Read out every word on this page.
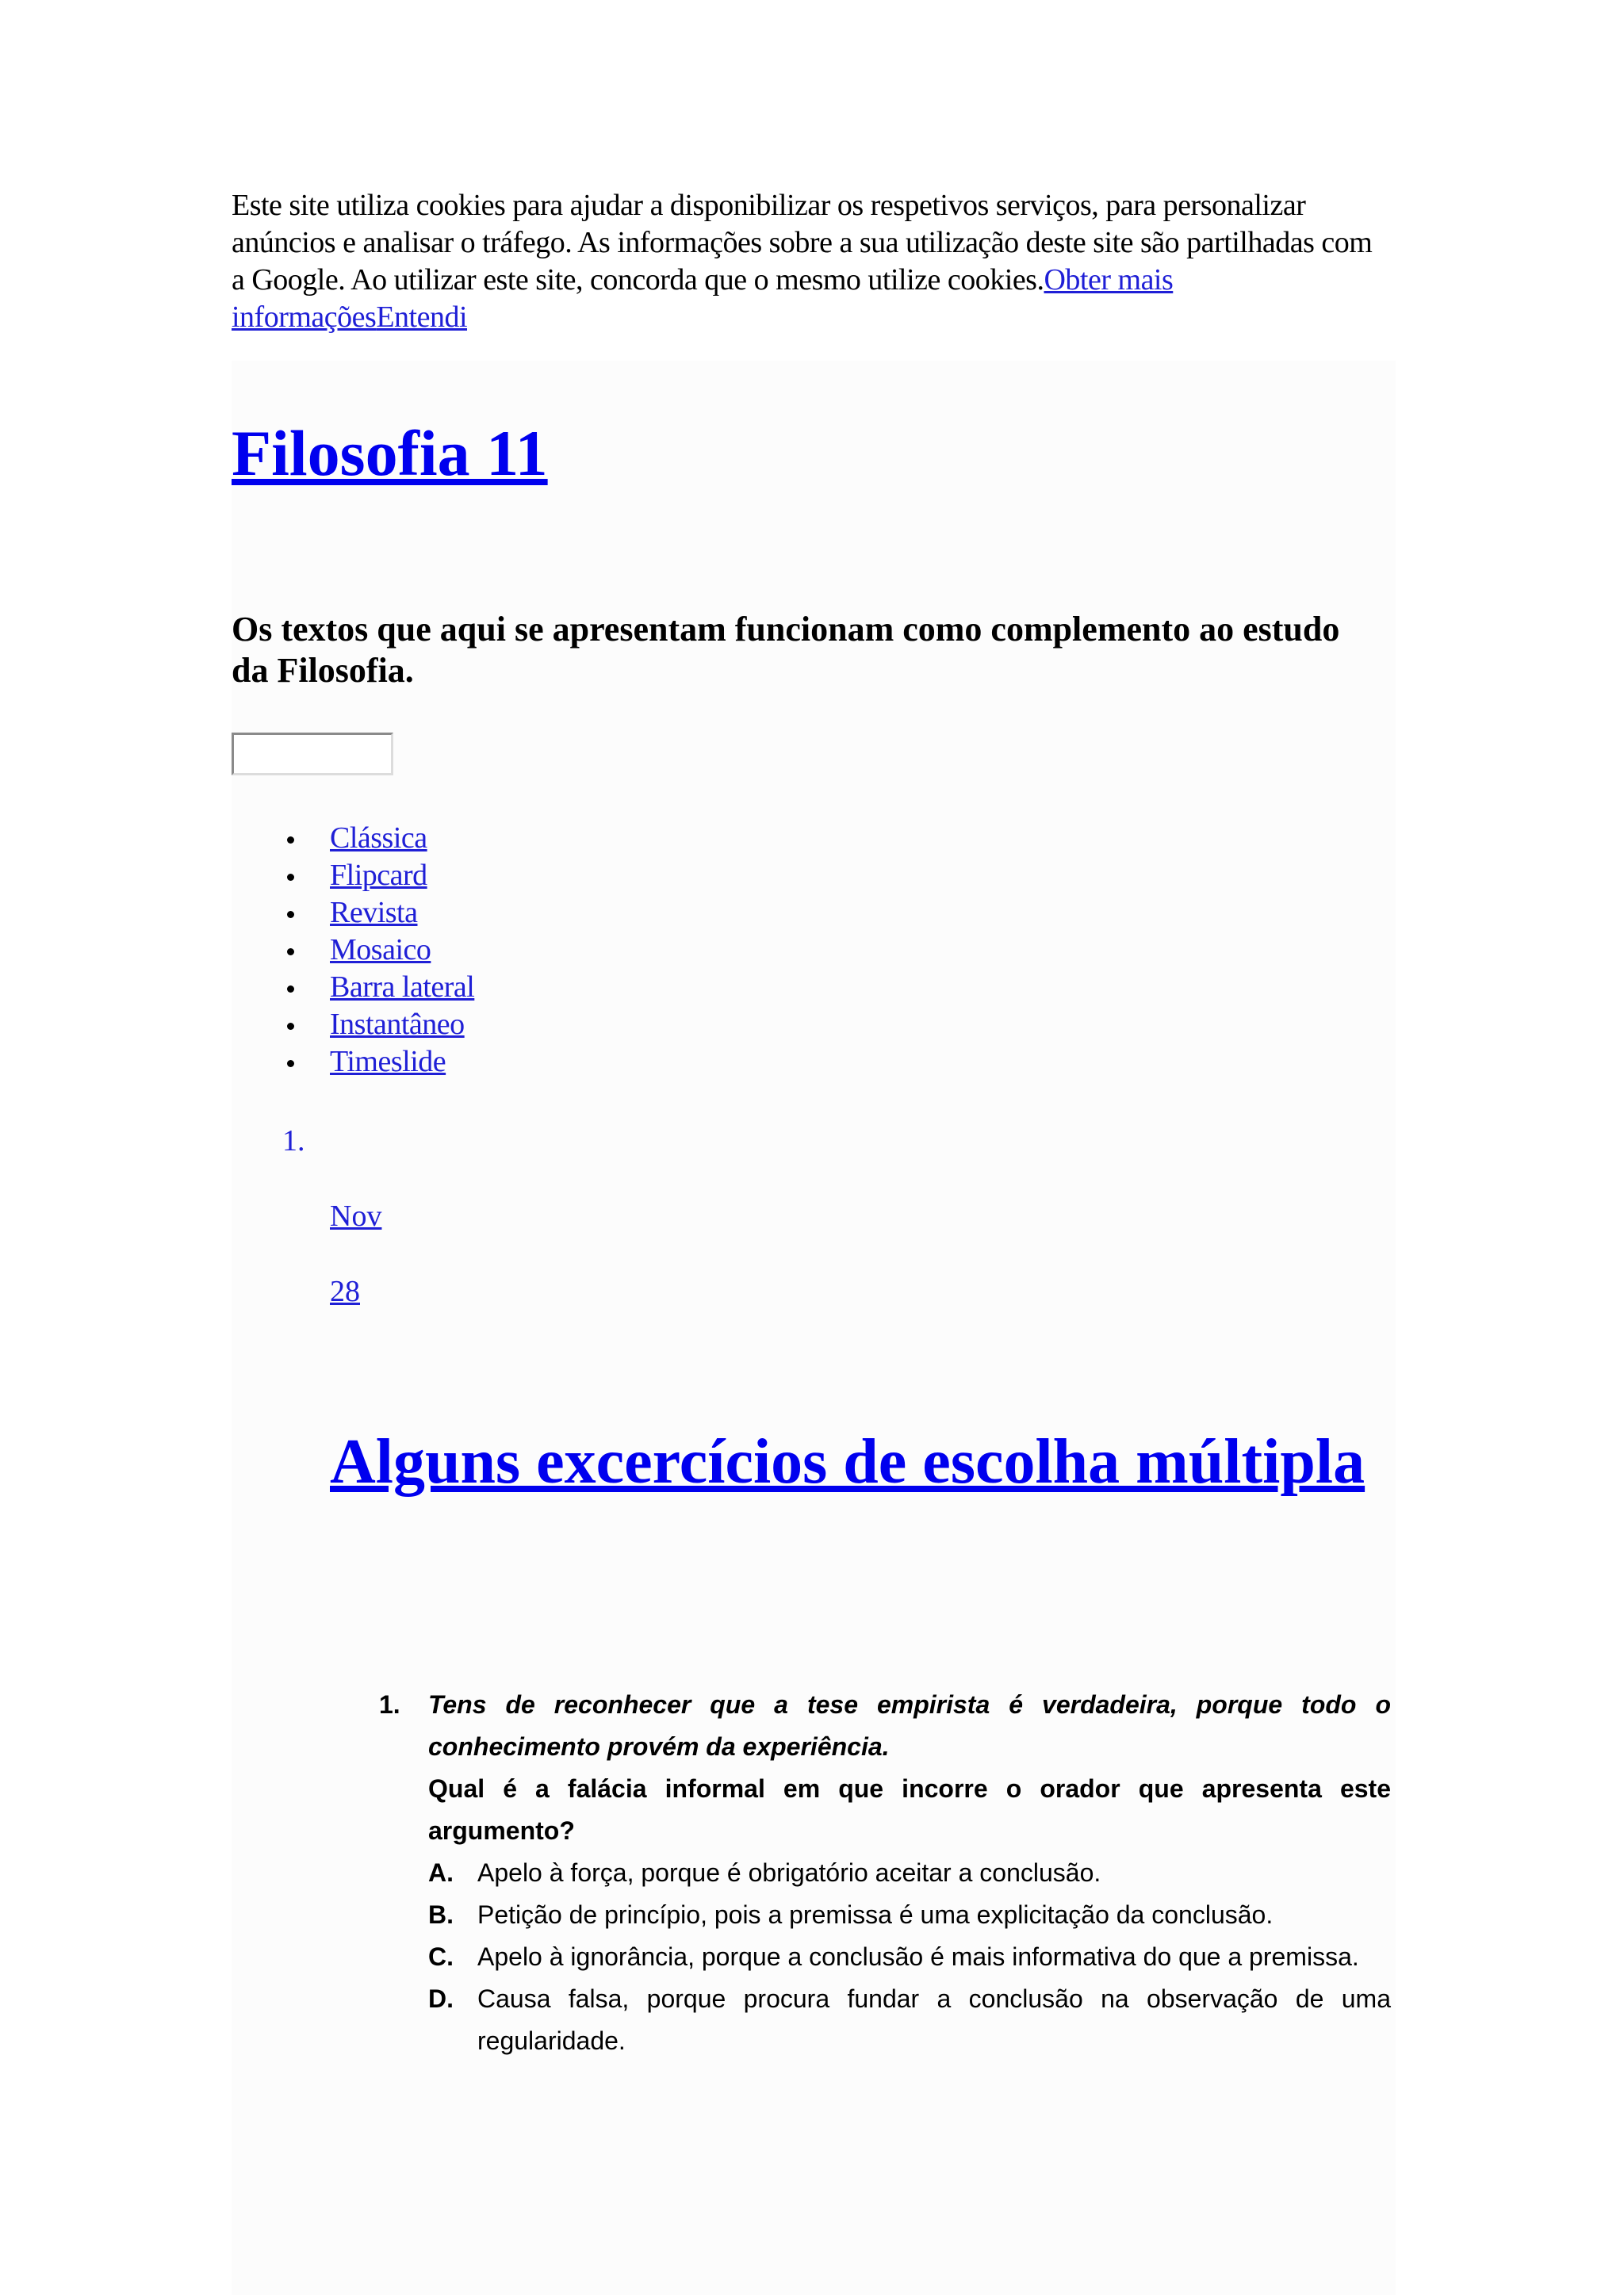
Este site utiliza cookies para ajudar a disponibilizar os respetivos serviços, para personalizar anúncios e analisar o tráfego. As informações sobre a sua utilização deste site são partilhadas com a Google. Ao utilizar este site, concorda que o mesmo utilize cookies.Obter mais informaçõesEntendi
Filosofia 11

Os textos que aqui se apresentam funcionam como complemento ao estudo da Filosofia.

Clássica
Flipcard
Revista
Mosaico
Barra lateral
Instantâneo
Timeslide
1.
Nov
28
Alguns excercícios de escolha múltipla
1.	Tens de reconhecer que a tese empirista é verdadeira, porque todo o conhecimento provém da experiência.
Qual é a falácia informal em que incorre o orador que apresenta este argumento?
A. Apelo à força, porque é obrigatório aceitar a conclusão.
B. Petição de princípio, pois a premissa é uma explicitação da conclusão.
C. Apelo à ignorância, porque a conclusão é mais informativa do que a premissa.
D. Causa falsa, porque procura fundar a conclusão na observação de uma regularidade.
